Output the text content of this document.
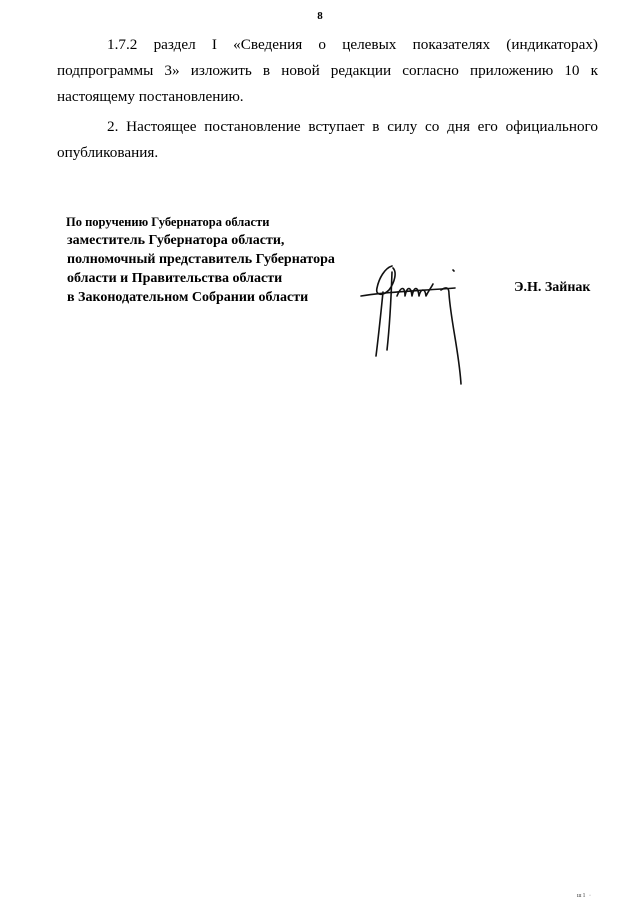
8

1.7.2 раздел I «Сведения о целевых показателях (индикаторах) подпрограммы 3» изложить в новой редакции согласно приложению 10 к настоящему постановлению.

2. Настоящее постановление вступает в силу со дня его официального опубликования.

По поручению Губернатора области
заместитель Губернатора области,
полномочный представитель Губернатора
области и Правительства области
в Законодательном Собрании области
Э.Н. Зайнак
ш1 ·
